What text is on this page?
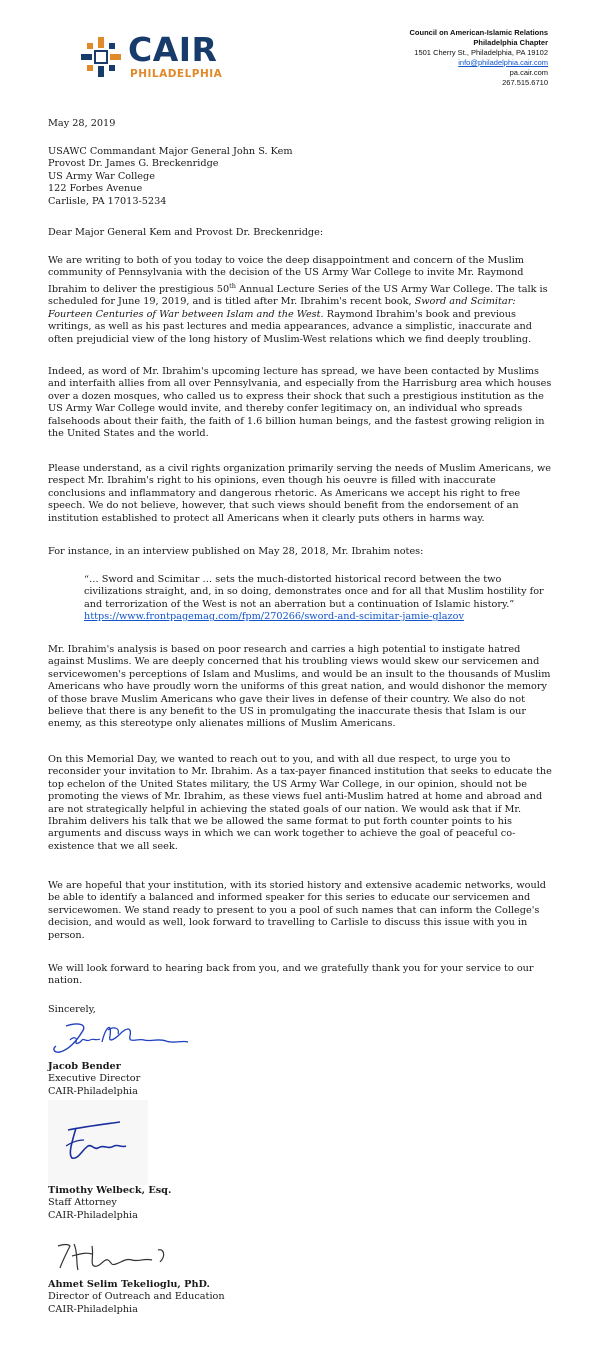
CAIR
PHILADELPHIA
Council on American-Islamic Relations
Philadelphia Chapter
1501 Cherry St., Philadelphia, PA 19102
info@philadelphia.cair.com
pa.cair.com
267.515.6710
May 28, 2019
USAWC Commandant Major General John S. Kem
Provost Dr. James G. Breckenridge
US Army War College
122 Forbes Avenue
Carlisle, PA 17013-5234
Dear Major General Kem and Provost Dr. Breckenridge:

We are writing to both of you today to voice the deep disappointment and concern of the Muslim community of Pennsylvania with the decision of the US Army War College to invite Mr. Raymond Ibrahim to deliver the prestigious 50th Annual Lecture Series of the US Army War College. The talk is scheduled for June 19, 2019, and is titled after Mr. Ibrahim's recent book, Sword and Scimitar: Fourteen Centuries of War between Islam and the West. Raymond Ibrahim's book and previous writings, as well as his past lectures and media appearances, advance a simplistic, inaccurate and often prejudicial view of the long history of Muslim-West relations which we find deeply troubling.

Indeed, as word of Mr. Ibrahim's upcoming lecture has spread, we have been contacted by Muslims and interfaith allies from all over Pennsylvania, and especially from the Harrisburg area which houses over a dozen mosques, who called us to express their shock that such a prestigious institution as the US Army War College would invite, and thereby confer legitimacy on, an individual who spreads falsehoods about their faith, the faith of 1.6 billion human beings, and the fastest growing religion in the United States and the world.
Please understand, as a civil rights organization primarily serving the needs of Muslim Americans, we respect Mr. Ibrahim's right to his opinions, even though his oeuvre is filled with inaccurate conclusions and inflammatory and dangerous rhetoric. As Americans we accept his right to free speech. We do not believe, however, that such views should benefit from the endorsement of an institution established to protect all Americans when it clearly puts others in harms way.
For instance, in an interview published on May 28, 2018, Mr. Ibrahim notes:
“… Sword and Scimitar … sets the much-distorted historical record between the two civilizations straight, and, in so doing, demonstrates once and for all that Muslim hostility for and terrorization of the West is not an aberration but a continuation of Islamic history.”
https://www.frontpagemag.com/fpm/270266/sword-and-scimitar-jamie-glazov
Mr. Ibrahim's analysis is based on poor research and carries a high potential to instigate hatred against Muslims. We are deeply concerned that his troubling views would skew our servicemen and servicewomen's perceptions of Islam and Muslims, and would be an insult to the thousands of Muslim Americans who have proudly worn the uniforms of this great nation, and would dishonor the memory of those brave Muslim Americans who gave their lives in defense of their country. We also do not believe that there is any benefit to the US in promulgating the inaccurate thesis that Islam is our enemy, as this stereotype only alienates millions of Muslim Americans.
On this Memorial Day, we wanted to reach out to you, and with all due respect, to urge you to reconsider your invitation to Mr. Ibrahim. As a tax-payer financed institution that seeks to educate the top echelon of the United States military, the US Army War College, in our opinion, should not be promoting the views of Mr. Ibrahim, as these views fuel anti-Muslim hatred at home and abroad and are not strategically helpful in achieving the stated goals of our nation. We would ask that if Mr. Ibrahim delivers his talk that we be allowed the same format to put forth counter points to his arguments and discuss ways in which we can work together to achieve the goal of peaceful co-existence that we all seek.
We are hopeful that your institution, with its storied history and extensive academic networks, would be able to identify a balanced and informed speaker for this series to educate our servicemen and servicewomen. We stand ready to present to you a pool of such names that can inform the College's decision, and would as well, look forward to travelling to Carlisle to discuss this issue with you in person.
We will look forward to hearing back from you, and we gratefully thank you for your service to our nation.
Sincerely,
Jacob Bender
Executive Director
CAIR-Philadelphia
Timothy Welbeck, Esq.
Staff Attorney
CAIR-Philadelphia
Ahmet Selim Tekelioglu, PhD.
Director of Outreach and Education
CAIR-Philadelphia
